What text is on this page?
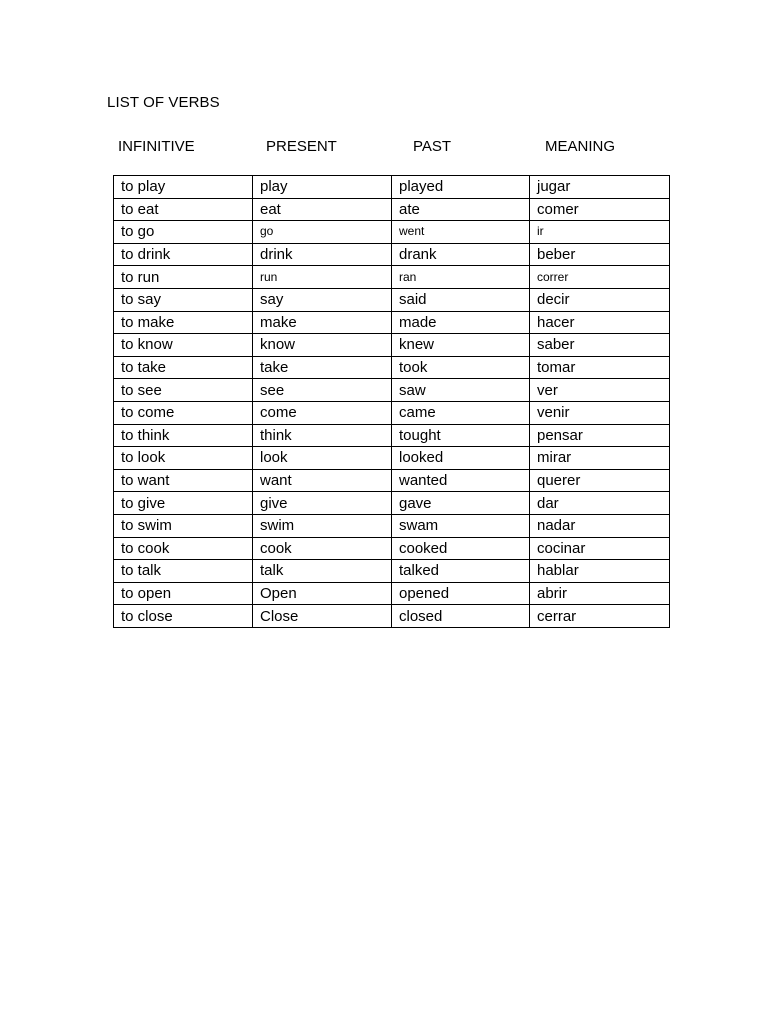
LIST OF VERBS
INFINITIVE	PRESENT	PAST	MEANING
to play	play	played	jugar
to eat	eat	ate	comer
to go	go	went	ir
to drink	drink	drank	beber
to run	run	ran	correr
to say	say	said	decir
to make	make	made	hacer
to know	know	knew	saber
to take	take	took	tomar
to see	see	saw	ver
to come	come	came	venir
to think	think	tought	pensar
to look	look	looked	mirar
to want	want	wanted	querer
to give	give	gave	dar
to swim	swim	swam	nadar
to cook	cook	cooked	cocinar
to talk	talk	talked	hablar
to open	Open	opened	abrir
to close	Close	closed	cerrar
